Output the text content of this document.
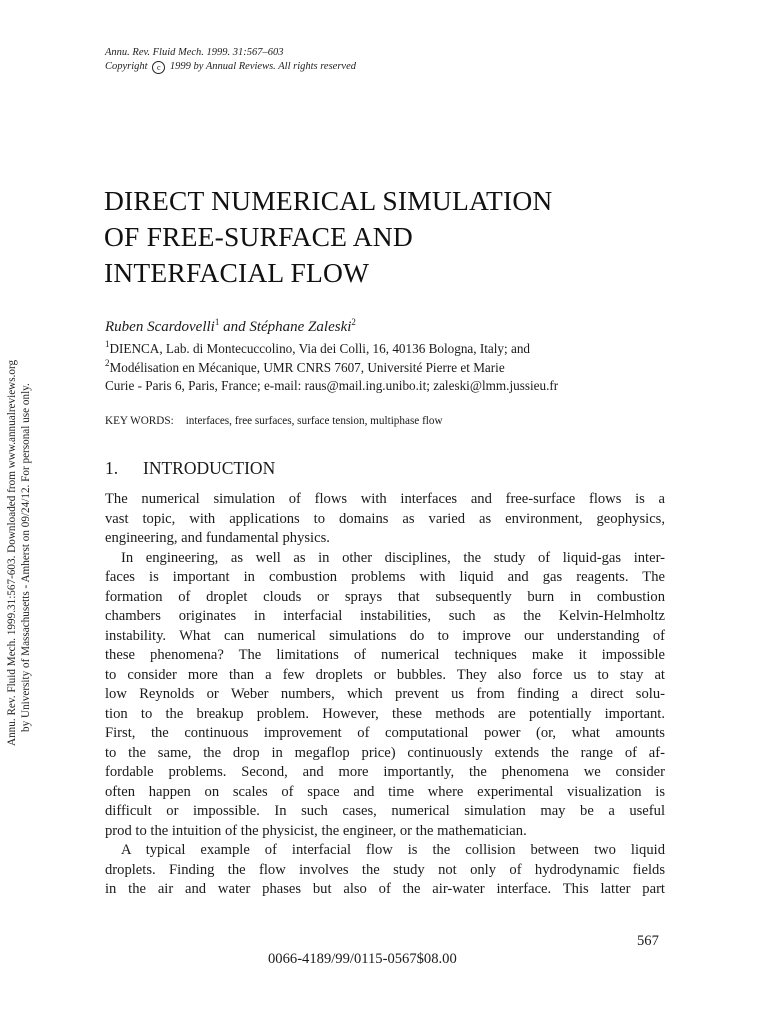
Annu. Rev. Fluid Mech. 1999. 31:567–603
Copyright c 1999 by Annual Reviews. All rights reserved
Annu. Rev. Fluid Mech. 1999.31:567-603. Downloaded from www.annualreviews.org by University of Massachusetts - Amherst on 09/24/12. For personal use only.
DIRECT NUMERICAL SIMULATION
OF FREE-SURFACE AND
INTERFACIAL FLOW
Ruben Scardovelli$^1$ and Stéphane Zaleski$^2$
$^1$DIENCA, Lab. di Montecuccolino, Via dei Colli, 16, 40136 Bologna, Italy; and
$^2$Modélisation en Mécanique, UMR CNRS 7607, Université Pierre et Marie
Curie - Paris 6, Paris, France; e-mail: raus@mail.ing.unibo.it; zaleski@lmm.jussieu.fr
KEY WORDS: interfaces, free surfaces, surface tension, multiphase flow
1. INTRODUCTION
The numerical simulation of flows with interfaces and free-surface flows is a
vast topic, with applications to domains as varied as environment, geophysics,
engineering, and fundamental physics.
In engineering, as well as in other disciplines, the study of liquid-gas inter-
faces is important in combustion problems with liquid and gas reagents. The
formation of droplet clouds or sprays that subsequently burn in combustion
chambers originates in interfacial instabilities, such as the Kelvin-Helmholtz
instability. What can numerical simulations do to improve our understanding of
these phenomena? The limitations of numerical techniques make it impossible
to consider more than a few droplets or bubbles. They also force us to stay at
low Reynolds or Weber numbers, which prevent us from finding a direct solu-
tion to the breakup problem. However, these methods are potentially important.
First, the continuous improvement of computational power (or, what amounts
to the same, the drop in megaflop price) continuously extends the range of af-
fordable problems. Second, and more importantly, the phenomena we consider
often happen on scales of space and time where experimental visualization is
difficult or impossible. In such cases, numerical simulation may be a useful
prod to the intuition of the physicist, the engineer, or the mathematician.
A typical example of interfacial flow is the collision between two liquid
droplets. Finding the flow involves the study not only of hydrodynamic fields
in the air and water phases but also of the air-water interface. This latter part
567
0066-4189/99/0115-0567$08.00
